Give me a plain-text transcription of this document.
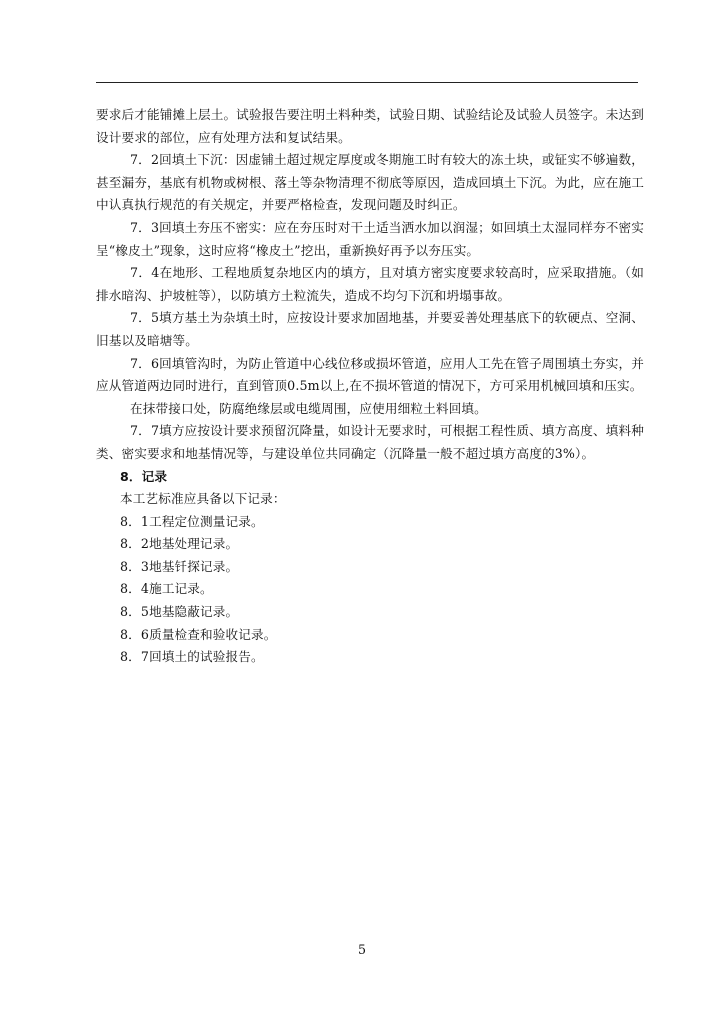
要求后才能铺摊上层土。试验报告要注明土料种类，试验日期、试验结论及试验人员签字。未达到设计要求的部位，应有处理方法和复试结果。

7．2回填土下沉：因虚铺土超过规定厚度或冬期施工时有较大的冻土块，或钲实不够遍数，甚至漏夯，基底有机物或树根、落土等杂物清理不彻底等原因，造成回填土下沉。为此，应在施工中认真执行规范的有关规定，并要严格检查，发现问题及时纠正。

7．3回填土夯压不密实：应在夯压时对干土适当洒水加以润湿；如回填土太湿同样夯不密实呈“橡皮土”现象，这时应将“橡皮土”挖出，重新换好再予以夯压实。

7．4在地形、工程地质复杂地区内的填方，且对填方密实度要求较高时，应采取措施。（如排水暗沟、护坡桩等），以防填方土粒流失，造成不均匀下沉和坍塌事故。

7．5填方基土为杂填土时，应按设计要求加固地基，并要妥善处理基底下的软硬点、空洞、旧基以及暗塘等。

7．6回填管沟时，为防止管道中心线位移或损坏管道，应用人工先在管子周围填土夯实，并应从管道两边同时进行，直到管顶0.5m以上,在不损坏管道的情况下，方可采用机械回填和压实。

在抹带接口处，防腐绝缘层或电缆周围，应使用细粒土料回填。

7．7填方应按设计要求预留沉降量，如设计无要求时，可根据工程性质、填方高度、填料种类、密实要求和地基情况等，与建设单位共同确定（沉降量一般不超过填方高度的3%）。

8．记录

本工艺标准应具备以下记录：

8．1工程定位测量记录。

8．2地基处理记录。

8．3地基钎探记录。

8．4施工记录。

8．5地基隐蔽记录。

8．6质量检查和验收记录。

8．7回填土的试验报告。

5
